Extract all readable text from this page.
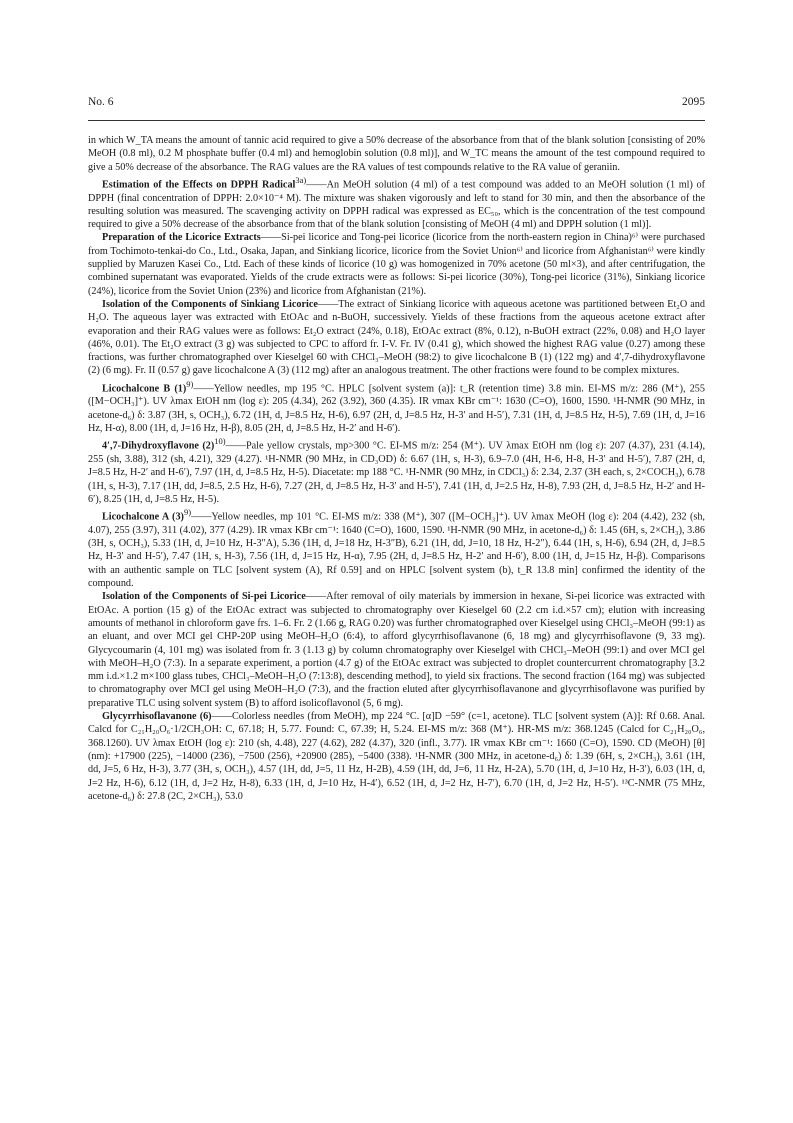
No. 6	2095

in which W_TA means the amount of tannic acid required to give a 50% decrease of the absorbance from that of the blank solution [consisting of 20% MeOH (0.8 ml), 0.2 M phosphate buffer (0.4 ml) and hemoglobin solution (0.8 ml)], and W_TC means the amount of the test compound required to give a 50% decrease of the absorbance. The RAG values are the RA values of test compounds relative to the RA value of geraniin.

Estimation of the Effects on DPPH Radical$^{3a)}$——An MeOH solution (4 ml) of a test compound was added to an MeOH solution (1 ml) of DPPH (final concentration of DPPH: 2.0×10⁻⁴ M). The mixture was shaken vigorously and left to stand for 30 min, and then the absorbance of the resulting solution was measured. The scavenging activity on DPPH radical was expressed as EC₅₀, which is the concentration of the test compound required to give a 50% decrease of the absorbance from that of the blank solution [consisting of MeOH (4 ml) and DPPH solution (1 ml)].

Preparation of the Licorice Extracts——Si-pei licorice and Tong-pei licorice (licorice from the north-eastern region in China)⁶⁾ were purchased from Tochimoto-tenkai-do Co., Ltd., Osaka, Japan, and Sinkiang licorice, licorice from the Soviet Union⁶⁾ and licorice from Afghanistan⁶⁾ were kindly supplied by Maruzen Kasei Co., Ltd. Each of these kinds of licorice (10 g) was homogenized in 70% acetone (50 ml×3), and after centrifugation, the combined supernatant was evaporated. Yields of the crude extracts were as follows: Si-pei licorice (30%), Tong-pei licorice (31%), Sinkiang licorice (24%), licorice from the Soviet Union (23%) and licorice from Afghanistan (21%).

Isolation of the Components of Sinkiang Licorice——The extract of Sinkiang licorice with aqueous acetone was partitioned between Et₂O and H₂O. The aqueous layer was extracted with EtOAc and n-BuOH, successively. Yields of these fractions from the aqueous acetone extract after evaporation and their RAG values were as follows: Et₂O extract (24%, 0.18), EtOAc extract (8%, 0.12), n-BuOH extract (22%, 0.08) and H₂O layer (46%, 0.01). The Et₂O extract (3 g) was subjected to CPC to afford fr. I-V. Fr. IV (0.41 g), which showed the highest RAG value (0.27) among these fractions, was further chromatographed over Kieselgel 60 with CHCl₃–MeOH (98:2) to give licochalcone B (1) (122 mg) and 4′,7-dihydroxyflavone (2) (6 mg). Fr. II (0.57 g) gave licochalcone A (3) (112 mg) after an analogous treatment. The other fractions were found to be complex mixtures.

Licochalcone B $(1)^{9)}——Yellow$ needles, mp 195 °C. HPLC [solvent system (a)]: t_R (retention time) 3.8 min. EI-MS m/z: 286 (M⁺), 255 ([M−OCH₃]⁺). UV λmax EtOH nm (log ε): 205 (4.34), 262 (3.92), 360 (4.35). IR νmax KBr cm⁻¹: 1630 (C=O), 1600, 1590. ¹H-NMR (90 MHz, in acetone-d₆) δ: 3.87 (3H, s, OCH₃), 6.72 (1H, d, J=8.5 Hz, H-6), 6.97 (2H, d, J=8.5 Hz, H-3′ and H-5′), 7.31 (1H, d, J=8.5 Hz, H-5), 7.69 (1H, d, J=16 Hz, H-α), 8.00 (1H, d, J=16 Hz, H-β), 8.05 (2H, d, J=8.5 Hz, H-2′ and H-6′).

4′,7-Dihydroxyflavone $(2)^{10)}——Pale$ yellow crystals, mp>300 °C. EI-MS m/z: 254 (M⁺). UV λmax EtOH nm (log ε): 207 (4.37), 231 (4.14), 255 (sh, 3.88), 312 (sh, 4.21), 329 (4.27). ¹H-NMR (90 MHz, in CD₃OD) δ: 6.67 (1H, s, H-3), 6.9–7.0 (4H, H-6, H-8, H-3′ and H-5′), 7.87 (2H, d, J=8.5 Hz, H-2′ and H-6′), 7.97 (1H, d, J=8.5 Hz, H-5). Diacetate: mp 188 °C. ¹H-NMR (90 MHz, in CDCl₃) δ: 2.34, 2.37 (3H each, s, 2×COCH₃), 6.78 (1H, s, H-3), 7.17 (1H, dd, J=8.5, 2.5 Hz, H-6), 7.27 (2H, d, J=8.5 Hz, H-3′ and H-5′), 7.41 (1H, d, J=2.5 Hz, H-8), 7.93 (2H, d, J=8.5 Hz, H-2′ and H-6′), 8.25 (1H, d, J=8.5 Hz, H-5).

Licochalcone A $(3)^{9)}——Yellow$ needles, mp 101 °C. EI-MS m/z: 338 (M⁺), 307 ([M−OCH₃]⁺). UV λmax MeOH (log ε): 204 (4.42), 232 (sh, 4.07), 255 (3.97), 311 (4.02), 377 (4.29). IR νmax KBr cm⁻¹: 1640 (C=O), 1600, 1590. ¹H-NMR (90 MHz, in acetone-d₆) δ: 1.45 (6H, s, 2×CH₃), 3.86 (3H, s, OCH₃), 5.33 (1H, d, J=10 Hz, H-3″A), 5.36 (1H, d, J=18 Hz, H-3″B), 6.21 (1H, dd, J=10, 18 Hz, H-2″), 6.44 (1H, s, H-6), 6.94 (2H, d, J=8.5 Hz, H-3′ and H-5′), 7.47 (1H, s, H-3), 7.56 (1H, d, J=15 Hz, H-α), 7.95 (2H, d, J=8.5 Hz, H-2′ and H-6′), 8.00 (1H, d, J=15 Hz, H-β). Comparisons with an authentic sample on TLC [solvent system (A), Rf 0.59] and on HPLC [solvent system (b), t_R 13.8 min] confirmed the identity of the compound.

Isolation of the Components of Si-pei Licorice——After removal of oily materials by immersion in hexane, Si-pei licorice was extracted with EtOAc. A portion (15 g) of the EtOAc extract was subjected to chromatography over Kieselgel 60 (2.2 cm i.d.×57 cm); elution with increasing amounts of methanol in chloroform gave frs. 1–6. Fr. 2 (1.66 g, RAG 0.20) was further chromatographed over Kieselgel using CHCl₃–MeOH (99:1) as an eluant, and over MCI gel CHP-20P using MeOH–H₂O (6:4), to afford glycyrrhisoflavanone (6, 18 mg) and glycyrrhisoflavone (9, 33 mg). Glycycoumarin (4, 101 mg) was isolated from fr. 3 (1.13 g) by column chromatography over Kieselgel with CHCl₃–MeOH (99:1) and over MCI gel with MeOH–H₂O (7:3). In a separate experiment, a portion (4.7 g) of the EtOAc extract was subjected to droplet countercurrent chromatography [3.2 mm i.d.×1.2 m×100 glass tubes, CHCl₃–MeOH–H₂O (7:13:8), descending method], to yield six fractions. The second fraction (164 mg) was subjected to chromatography over MCI gel using MeOH–H₂O (7:3), and the fraction eluted after glycyrrhisoflavanone and glycyrrhisoflavone was purified by preparative TLC using solvent system (B) to afford isolicoflavonol (5, 6 mg).

Glycyrrhisoflavanone (6)——Colorless needles (from MeOH), mp 224 °C. [α]D −59° (c=1, acetone). TLC [solvent system (A)]: Rf 0.68. Anal. Calcd for C₂₁H₂₀O₆·1/2CH₃OH: C, 67.18; H, 5.77. Found: C, 67.39; H, 5.24. EI-MS m/z: 368 (M⁺). HR-MS m/z: 368.1245 (Calcd for C₂₁H₂₀O₆, 368.1260). UV λmax EtOH (log ε): 210 (sh, 4.48), 227 (4.62), 282 (4.37), 320 (infl., 3.77). IR νmax KBr cm⁻¹: 1660 (C=O), 1590. CD (MeOH) [θ] (nm): +17900 (225), −14000 (236), −7500 (256), +20900 (285), −5400 (338). ¹H-NMR (300 MHz, in acetone-d₆) δ: 1.39 (6H, s, 2×CH₃), 3.61 (1H, dd, J=5, 6 Hz, H-3), 3.77 (3H, s, OCH₃), 4.57 (1H, dd, J=5, 11 Hz, H-2B), 4.59 (1H, dd, J=6, 11 Hz, H-2A), 5.70 (1H, d, J=10 Hz, H-3′), 6.03 (1H, d, J=2 Hz, H-6), 6.12 (1H, d, J=2 Hz, H-8), 6.33 (1H, d, J=10 Hz, H-4′), 6.52 (1H, d, J=2 Hz, H-7′), 6.70 (1H, d, J=2 Hz, H-5′). ¹³C-NMR (75 MHz, acetone-d₆) δ: 27.8 (2C, 2×CH₃), 53.0
